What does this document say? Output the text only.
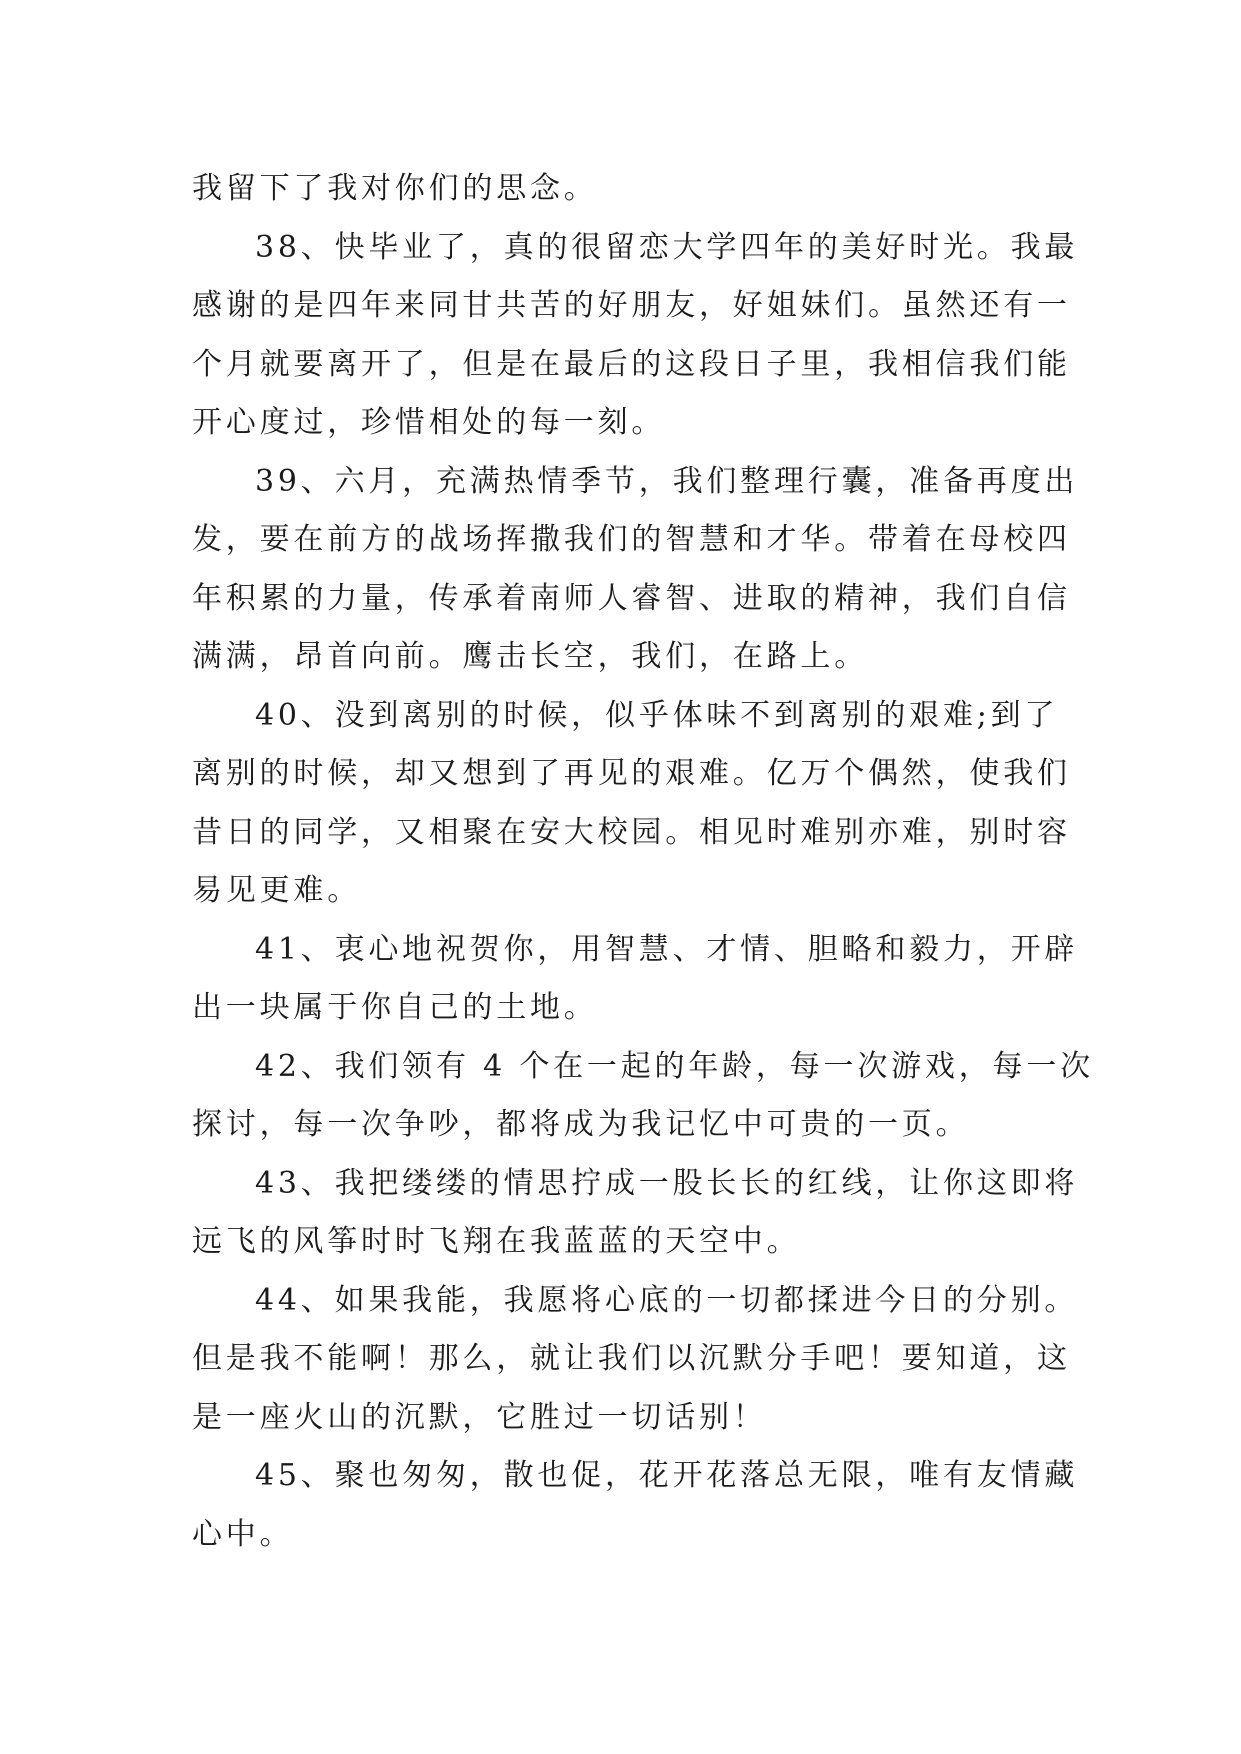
我留下了我对你们的思念。
38、快毕业了，真的很留恋大学四年的美好时光。我最
感谢的是四年来同甘共苦的好朋友，好姐妹们。虽然还有一
个月就要离开了，但是在最后的这段日子里，我相信我们能
开心度过，珍惜相处的每一刻。
39、六月，充满热情季节，我们整理行囊，准备再度出
发，要在前方的战场挥撒我们的智慧和才华。带着在母校四
年积累的力量，传承着南师人睿智、进取的精神，我们自信
满满，昂首向前。鹰击长空，我们，在路上。
40、没到离别的时候，似乎体味不到离别的艰难;到了
离别的时候，却又想到了再见的艰难。亿万个偶然，使我们
昔日的同学，又相聚在安大校园。相见时难别亦难，别时容
易见更难。
41、衷心地祝贺你，用智慧、才情、胆略和毅力，开辟
出一块属于你自己的土地。
42、我们领有 4 个在一起的年龄，每一次游戏，每一次
探讨，每一次争吵，都将成为我记忆中可贵的一页。
43、我把缕缕的情思拧成一股长长的红线，让你这即将
远飞的风筝时时飞翔在我蓝蓝的天空中。
44、如果我能，我愿将心底的一切都揉进今日的分别。
但是我不能啊！那么，就让我们以沉默分手吧！要知道，这
是一座火山的沉默，它胜过一切话别！
45、聚也匆匆，散也促，花开花落总无限，唯有友情藏
心中。
